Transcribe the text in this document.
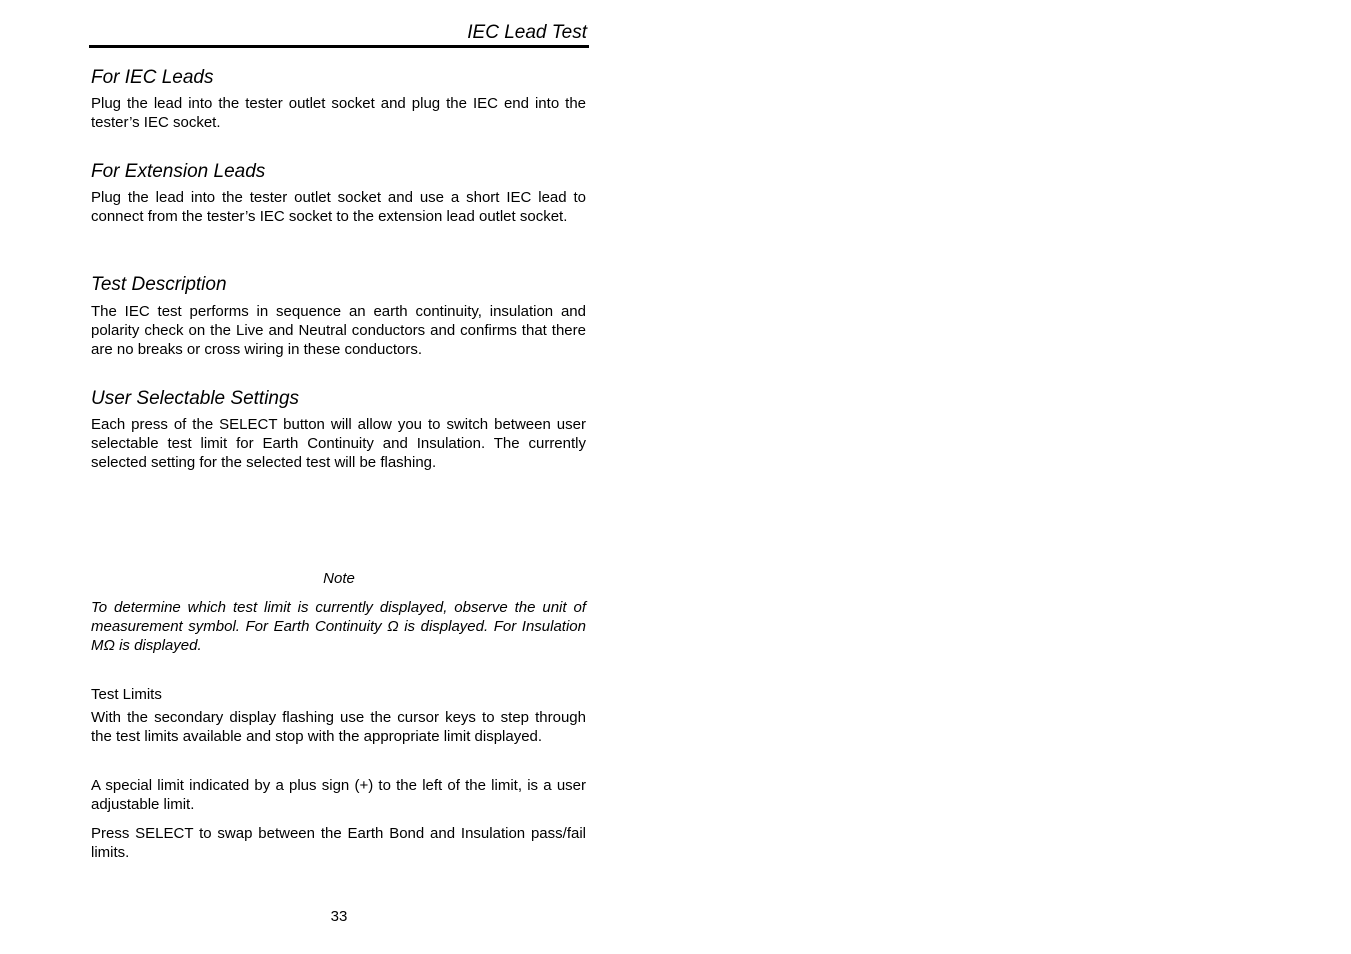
IEC Lead Test
For IEC Leads

Plug the lead into the tester outlet socket and plug the IEC end into the tester’s IEC socket.

For Extension Leads

Plug the lead into the tester outlet socket and use a short IEC lead to connect from the tester’s IEC socket to the extension lead outlet socket.

Test Description

The IEC test performs in sequence an earth continuity, insulation and polarity check on the Live and Neutral conductors and confirms that there are no breaks or cross wiring in these conductors.

User Selectable Settings

Each press of the SELECT button will allow you to switch between user selectable test limit for Earth Continuity and Insulation. The currently selected setting for the selected test will be flashing.

Note

To determine which test limit is currently displayed, observe the unit of measurement symbol. For Earth Continuity Ω is displayed. For Insulation MΩ is displayed.

Test Limits

With the secondary display flashing use the cursor keys to step through the test limits available and stop with the appropriate limit displayed.

A special limit indicated by a plus sign (+) to the left of the limit, is a user adjustable limit.

Press SELECT to swap between the Earth Bond and Insulation pass/fail limits.

33
